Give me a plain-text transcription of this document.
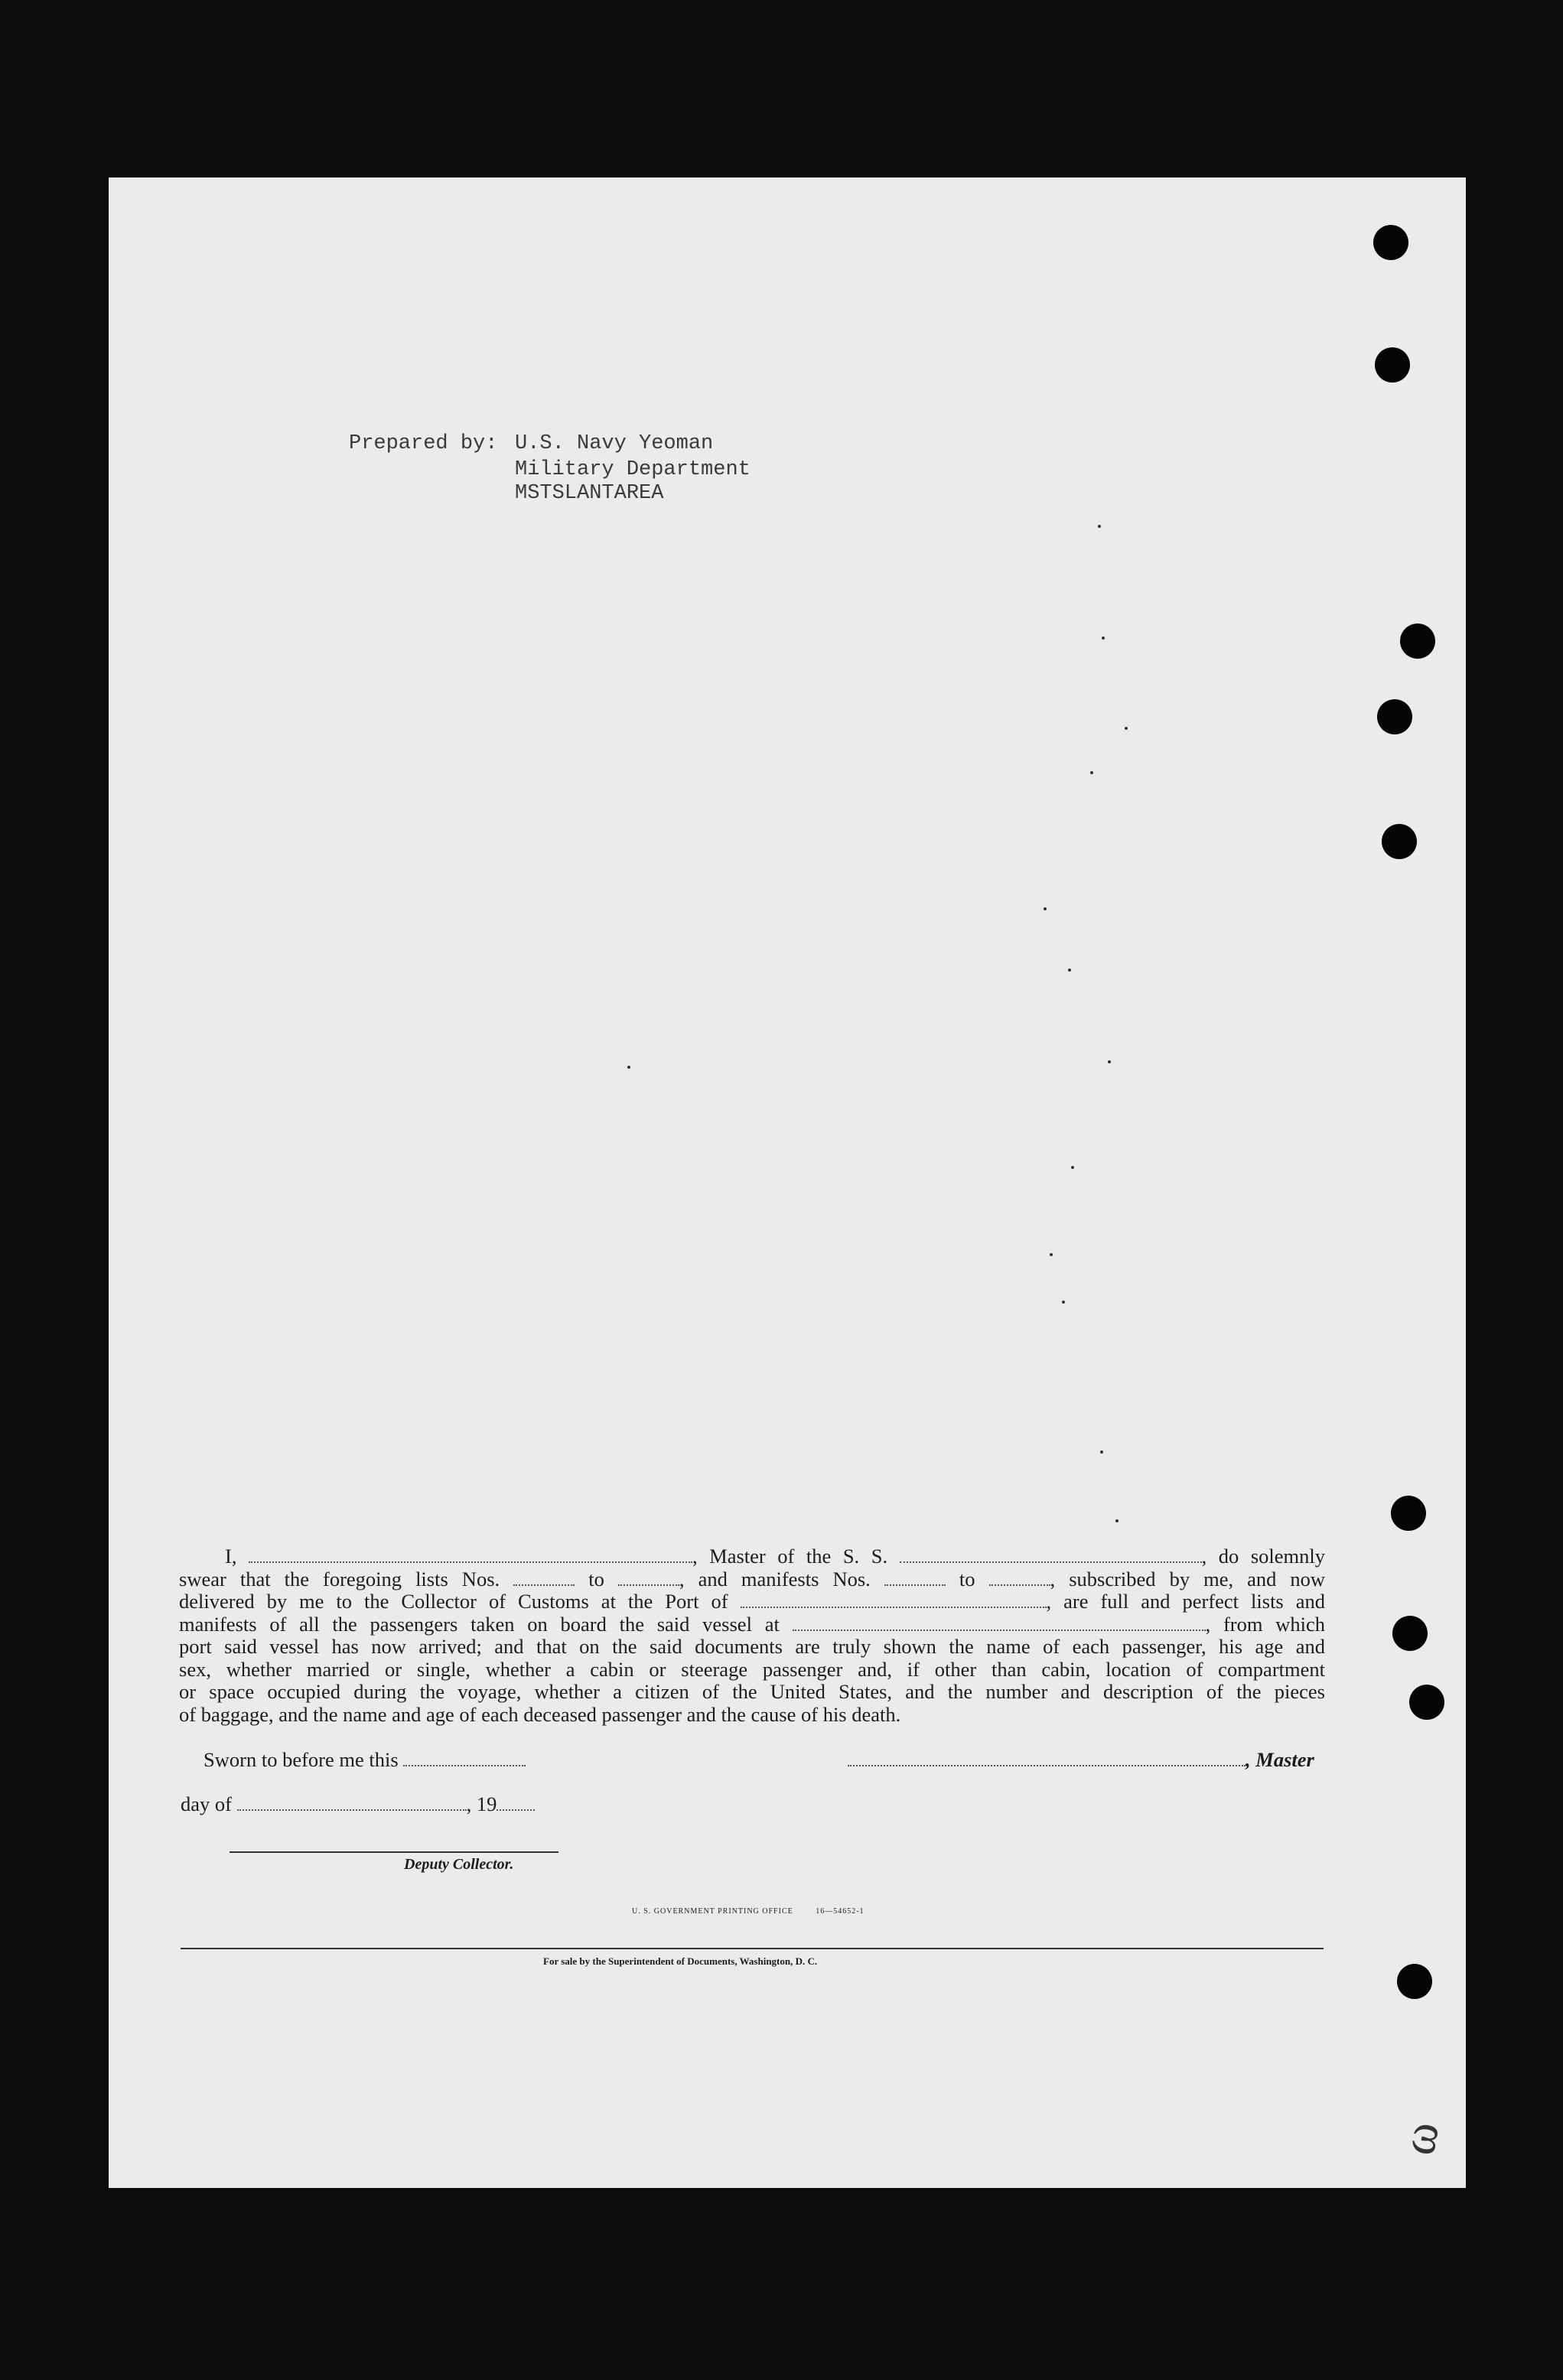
Prepared by: U.S. Navy Yeoman
Military Department
MSTSLANTAREA
I,	, Master of the S. S.	, do solemnly
swear that the foregoing lists Nos.	to	, and manifests Nos.	to	, subscribed by me, and now
delivered by me to the Collector of Customs at the Port of	, are full and perfect lists and
manifests of all the passengers taken on board the said vessel at	, from which
port said vessel has now arrived; and that on the said documents are truly shown the name of each passenger, his age and
sex, whether married or single, whether a cabin or steerage passenger and, if other than cabin, location of compartment
or space occupied during the voyage, whether a citizen of the United States, and the number and description of the pieces
of baggage, and the name and age of each deceased passenger and the cause of his death.
Sworn to before me this	, Master
day of	, 19
Deputy Collector.
U. S. GOVERNMENT PRINTING OFFICE	16—54652-1
For sale by the Superintendent of Documents, Washington, D. C.
ω
